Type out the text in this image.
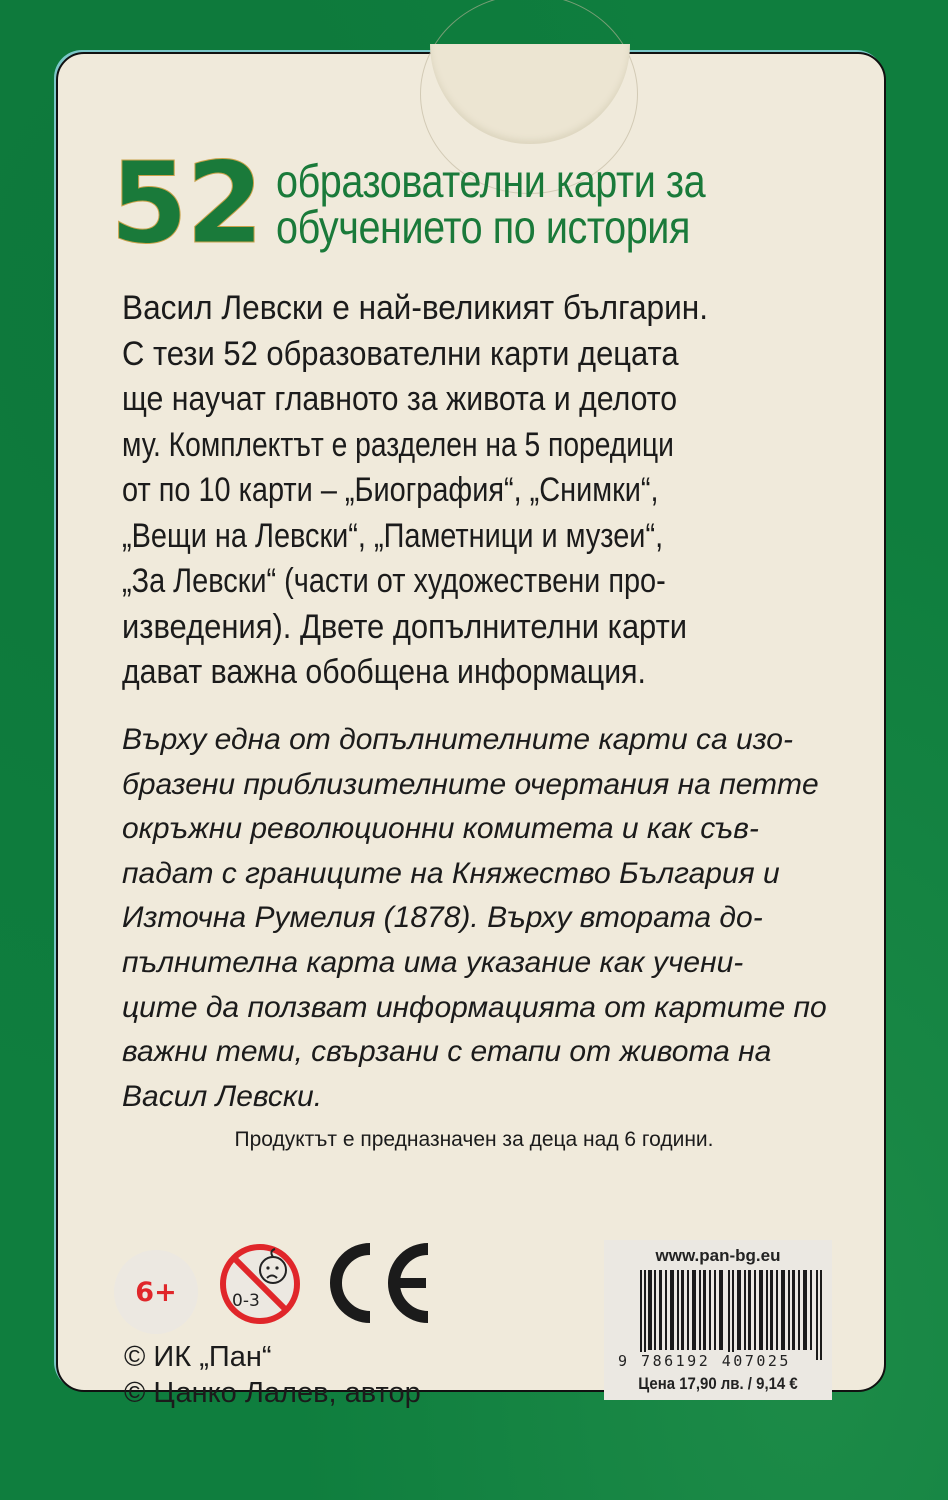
52 образователни карти за
обучението по история
Васил Левски е най-великият българин.
С тези 52 образователни карти децата
ще научат главното за живота и делото
му. Комплектът е разделен на 5 поредици
от по 10 карти – „Биография“, „Снимки“,
„Вещи на Левски“, „Паметници и музеи“,
„За Левски“ (части от художествени про-
изведения). Двете допълнителни карти
дават важна обобщена информация.
Върху една от допълнителните карти са изо-
бразени приблизителните очертания на петте
окръжни революционни комитета и как съв-
падат с границите на Княжество България и
Източна Румелия (1878). Върху втората до-
пълнителна карта има указание как учени-
ците да ползват информацията от картите по
важни теми, свързани с етапи от живота на
Васил Левски.
Продуктът е предназначен за деца над 6 години.
6+	0-3
© ИК „Пан“
© Цанко Лалев, автор
www.pan-bg.eu
9 786192 407025
Цена 17,90 лв. / 9,14 €
